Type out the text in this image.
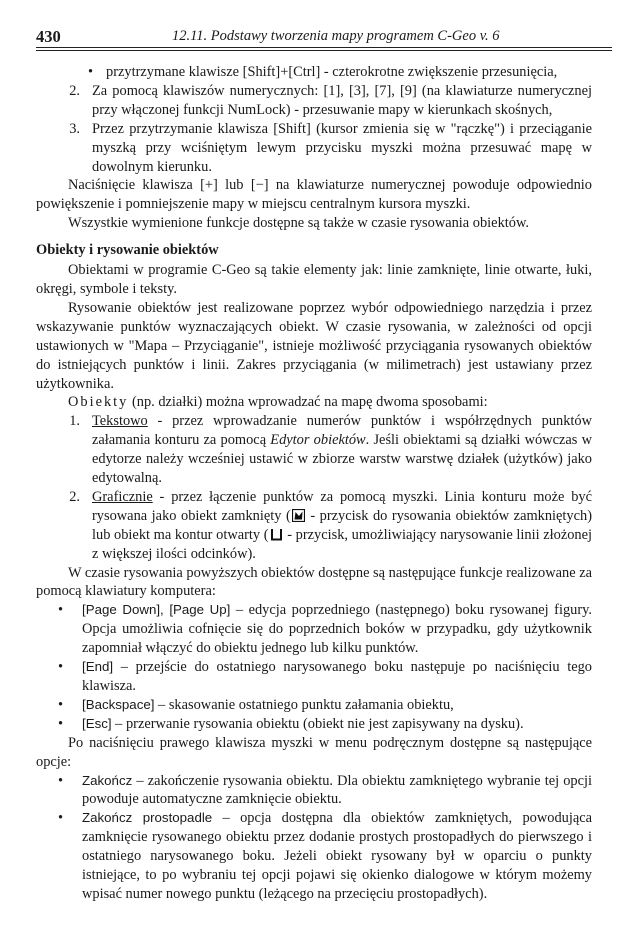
430	12.11. Podstawy tworzenia mapy programem C-Geo v. 6

• przytrzymane klawisze [Shift]+[Ctrl] - czterokrotne zwiększenie przesunięcia,

2. Za pomocą klawiszów numerycznych: [1], [3], [7], [9] (na klawiaturze numerycznej przy włączonej funkcji NumLock) - przesuwanie mapy w kierunkach skośnych,

3. Przez przytrzymanie klawisza [Shift] (kursor zmienia się w "rączkę") i przeciąganie myszką przy wciśniętym lewym przycisku myszki można przesuwać mapę w dowolnym kierunku.

Naciśnięcie klawisza [+] lub [−] na klawiaturze numerycznej powoduje odpowiednio powiększenie i pomniejszenie mapy w miejscu centralnym kursora myszki.

Wszystkie wymienione funkcje dostępne są także w czasie rysowania obiektów.

Obiekty i rysowanie obiektów

Obiektami w programie C-Geo są takie elementy jak: linie zamknięte, linie otwarte, łuki, okręgi, symbole i teksty.

Rysowanie obiektów jest realizowane poprzez wybór odpowiedniego narzędzia i przez wskazywanie punktów wyznaczających obiekt. W czasie rysowania, w zależności od opcji ustawionych w "Mapa – Przyciąganie", istnieje możliwość przyciągania rysowanych obiektów do istniejących punktów i linii. Zakres przyciągania (w milimetrach) jest ustawiany przez użytkownika.

Obiekty (np. działki) można wprowadzać na mapę dwoma sposobami:

1. Tekstowo - przez wprowadzanie numerów punktów i współrzędnych punktów załamania konturu za pomocą Edytor obiektów. Jeśli obiektami są działki wówczas w edytorze należy wcześniej ustawić w zbiorze warstw warstwę działek (użytków) jako edytowalną.

2. Graficznie - przez łączenie punktów za pomocą myszki. Linia konturu może być rysowana jako obiekt zamknięty ( - przycisk do rysowania obiektów zamkniętych) lub obiekt ma kontur otwarty ( - przycisk, umożliwiający narysowanie linii złożonej z większej ilości odcinków).

W czasie rysowania powyższych obiektów dostępne są następujące funkcje realizowane za pomocą klawiatury komputera:

• [Page Down], [Page Up] – edycja poprzedniego (następnego) boku rysowanej figury. Opcja umożliwia cofnięcie się do poprzednich boków w przypadku, gdy użytkownik zapomniał włączyć do obiektu jednego lub kilku punktów.

• [End] – przejście do ostatniego narysowanego boku następuje po naciśnięciu tego klawisza.

• [Backspace] – skasowanie ostatniego punktu załamania obiektu,

• [Esc] – przerwanie rysowania obiektu (obiekt nie jest zapisywany na dysku).

Po naciśnięciu prawego klawisza myszki w menu podręcznym dostępne są następujące opcje:

• Zakończ – zakończenie rysowania obiektu. Dla obiektu zamkniętego wybranie tej opcji powoduje automatyczne zamknięcie obiektu.

• Zakończ prostopadle – opcja dostępna dla obiektów zamkniętych, powodująca zamknięcie rysowanego obiektu przez dodanie prostych prostopadłych do pierwszego i ostatniego narysowanego boku. Jeżeli obiekt rysowany był w oparciu o punkty istniejące, to po wybraniu tej opcji pojawi się okienko dialogowe w którym możemy wpisać numer nowego punktu (leżącego na przecięciu prostopadłych).
